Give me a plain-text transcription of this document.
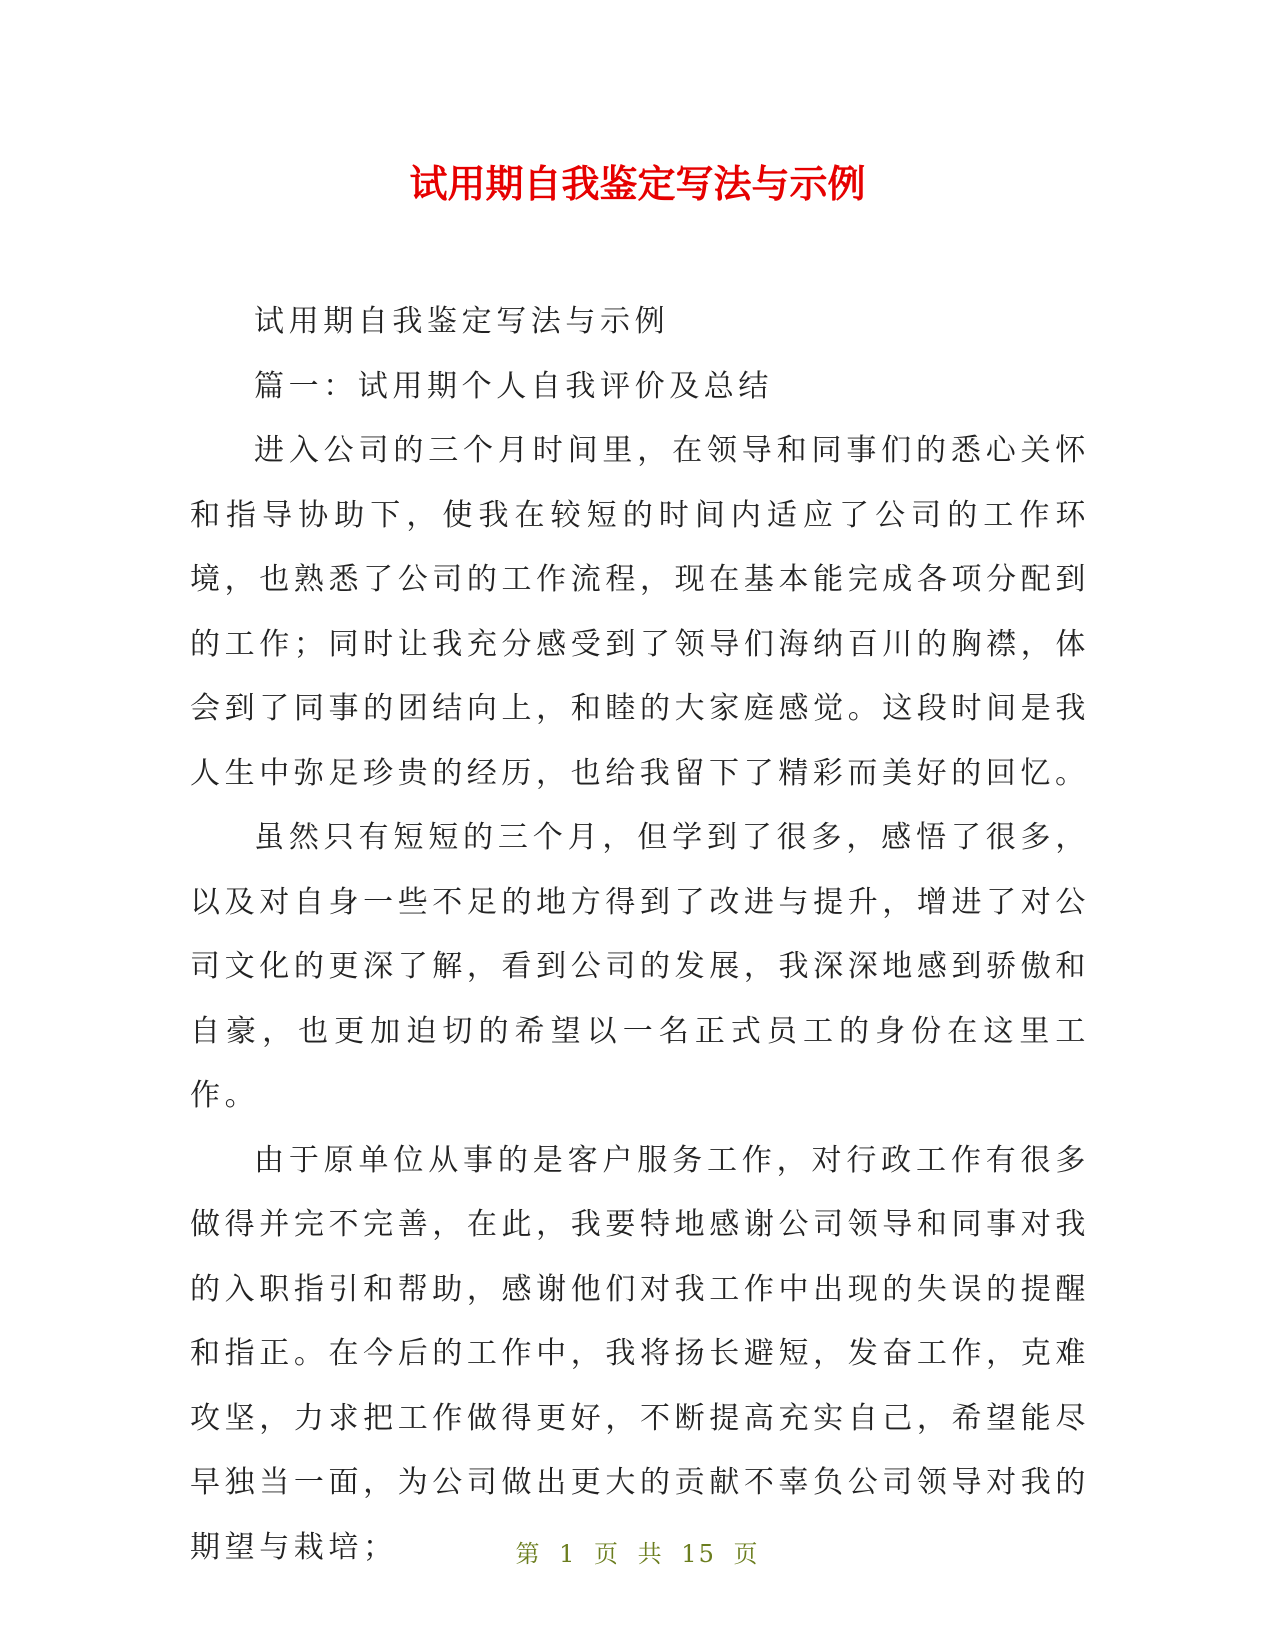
试用期自我鉴定写法与示例

试用期自我鉴定写法与示例

篇一：试用期个人自我评价及总结

进入公司的三个月时间里，在领导和同事们的悉心关怀和指导协助下，使我在较短的时间内适应了公司的工作环境，也熟悉了公司的工作流程，现在基本能完成各项分配到的工作；同时让我充分感受到了领导们海纳百川的胸襟，体会到了同事的团结向上，和睦的大家庭感觉。这段时间是我人生中弥足珍贵的经历，也给我留下了精彩而美好的回忆。

虽然只有短短的三个月，但学到了很多，感悟了很多，以及对自身一些不足的地方得到了改进与提升，增进了对公司文化的更深了解，看到公司的发展，我深深地感到骄傲和自豪，也更加迫切的希望以一名正式员工的身份在这里工作。

由于原单位从事的是客户服务工作，对行政工作有很多做得并完不完善，在此，我要特地感谢公司领导和同事对我的入职指引和帮助，感谢他们对我工作中出现的失误的提醒和指正。在今后的工作中，我将扬长避短，发奋工作，克难攻坚，力求把工作做得更好，不断提高充实自己，希望能尽早独当一面，为公司做出更大的贡献不辜负公司领导对我的期望与栽培；	第 1 页 共 15 页
